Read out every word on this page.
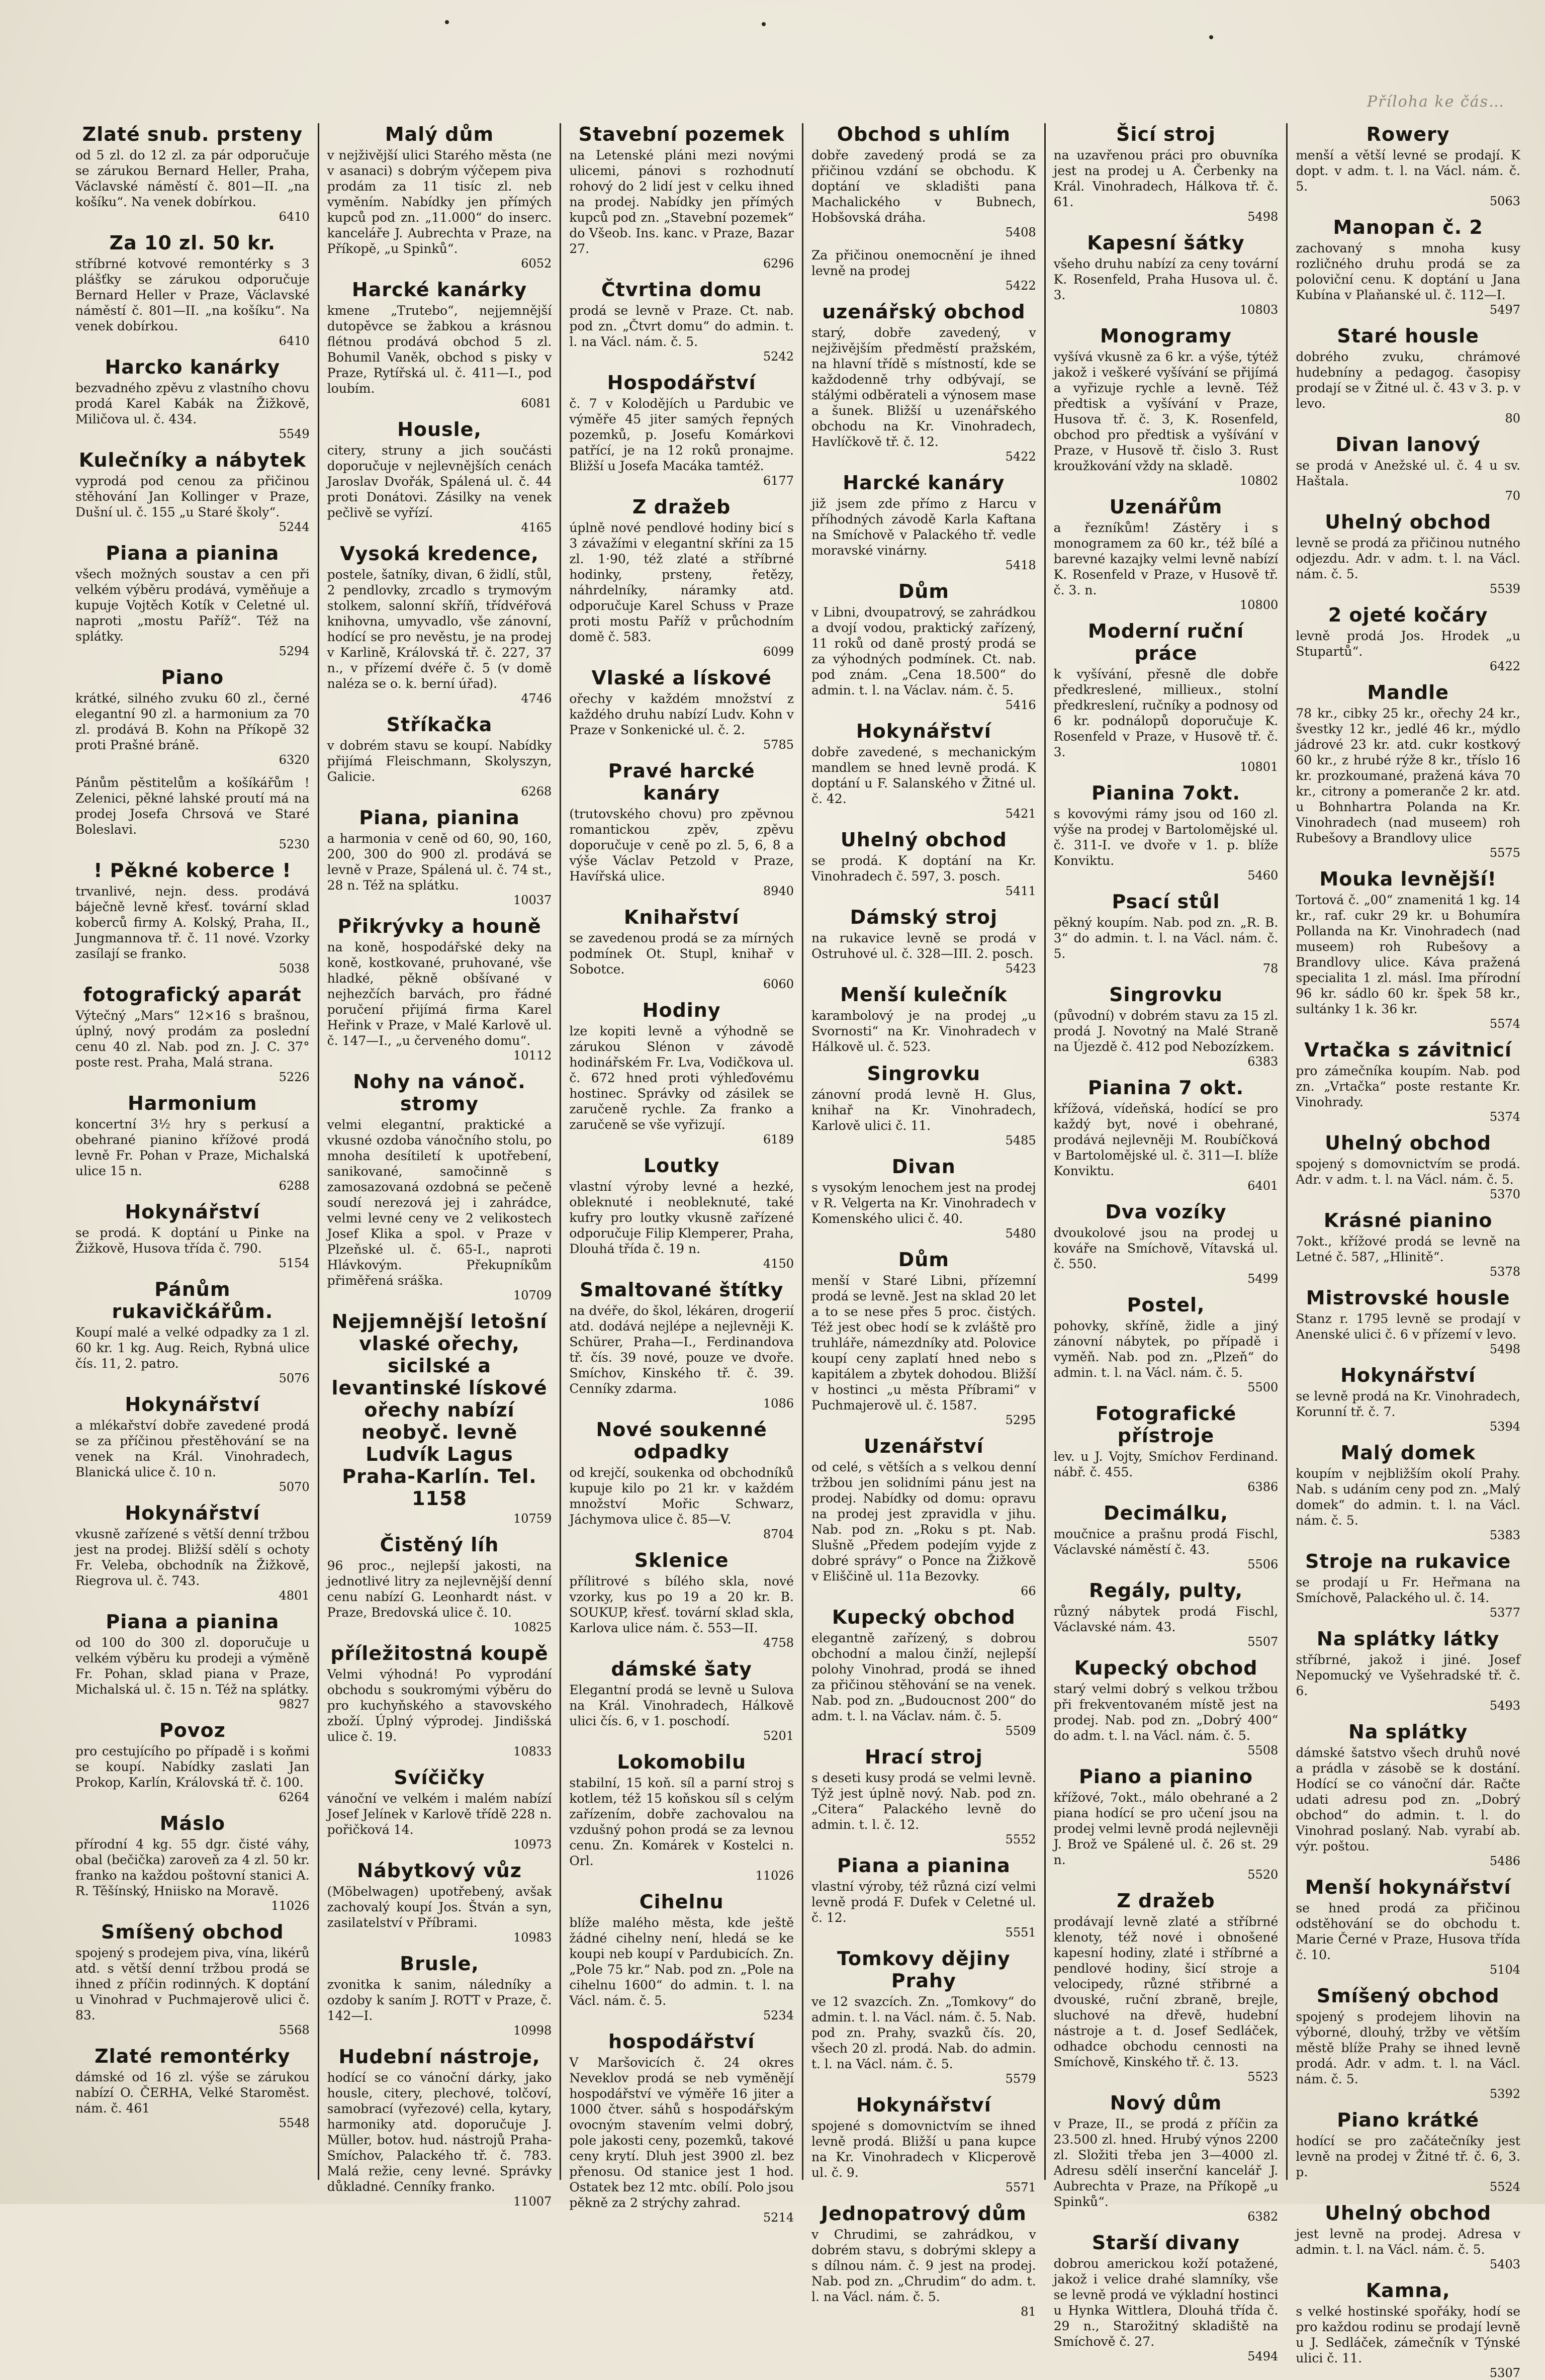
Příloha ke čás…
Zlaté snub. prsteny

od 5 zl. do 12 zl. za pár odporučuje se zárukou Bernard Heller, Praha, Václavské náměstí č. 801—II. „na košíku“. Na venek dobírkou.

6410
Za 10 zl. 50 kr.

stříbrné kotvové remontérky s 3 plášťky se zárukou odporučuje Bernard Heller v Praze, Václavské náměstí č. 801—II. „na košíku“. Na venek dobírkou.

6410
Harcko kanárky

bezvadného zpěvu z vlastního chovu prodá Karel Kabák na Žižkově, Miličova ul. č. 434.

5549
Kulečníky a nábytek

vyprodá pod cenou za přičinou stěhování Jan Kollinger v Praze, Dušní ul. č. 155 „u Staré školy“.

5244
Piana a pianina

všech možných soustav a cen při velkém výběru prodává, vyměňuje a kupuje Vojtěch Kotík v Celetné ul. naproti „mostu Paříž“. Též na splátky.

5294
Piano

krátké, silného zvuku 60 zl., černé elegantní 90 zl. a harmonium za 70 zl. prodává B. Kohn na Příkopě 32 proti Prašné bráně.

6320

Pánům pěstitelům a košíkářům ! Zelenici, pěkné lahské proutí má na prodej Josefa Chrsová ve Staré Boleslavi.

5230
! Pěkné koberce !

trvanlivé, nejn. dess. prodává báječně levně křesť. tovární sklad koberců firmy A. Kolský, Praha, II., Jungmannova tř. č. 11 nové. Vzorky zasílají se franko.

5038
fotografický aparát

Výtečný „Mars“ 12×16 s brašnou, úplný, nový prodám za poslední cenu 40 zl. Nab. pod zn. J. C. 37° poste rest. Praha, Malá strana.

5226
Harmonium

koncertní 3½ hry s perkusí a obehrané pianino křížové prodá levně Fr. Pohan v Praze, Michalská ulice 15 n.

6288
Hokynářství

se prodá. K doptání u Pinke na Žižkově, Husova třída č. 790.

5154
Pánům rukavičkářům.

Koupí malé a velké odpadky za 1 zl. 60 kr. 1 kg. Aug. Reich, Rybná ulice čís. 11, 2. patro.

5076
Hokynářství

a mlékařství dobře zavedené prodá se za příčinou přestěhování se na venek na Král. Vinohradech, Blanická ulice č. 10 n.

5070
Hokynářství

vkusně zařízené s větší denní tržbou jest na prodej. Bližší sdělí s ochoty Fr. Veleba, obchodník na Žižkově, Riegrova ul. č. 743.

4801
Piana a pianina

od 100 do 300 zl. doporučuje u velkém výběru ku prodeji a výměně Fr. Pohan, sklad piana v Praze, Michalská ul. č. 15 n. Též na splátky.

9827
Povoz

pro cestujícího po případě i s koňmi se koupí. Nabídky zaslati Jan Prokop, Karlín, Královská tř. č. 100.

6264
Máslo

přírodní 4 kg. 55 dgr. čisté váhy, obal (bečička) zaroveň za 4 zl. 50 kr. franko na každou poštovní stanici A. R. Těšínský, Hniisko na Moravě.

11026
Smíšený obchod

spojený s prodejem piva, vína, likérů atd. s větší denní tržbou prodá se ihned z příčin rodinných. K doptání u Vinohrad v Puchmajerově ulici č. 83.

5568
Zlaté remontérky

dámské od 16 zl. výše se zárukou nabízí O. ČERHA, Velké Staroměst. nám. č. 461

5548
Malý dům

v nejživější ulici Starého města (ne v asanaci) s dobrým výčepem piva prodám za 11 tisíc zl. neb vyměním. Nabídky jen přímých kupců pod zn. „11.000“ do inserc. kanceláře J. Aubrechta v Praze, na Příkopě, „u Spinků“.

6052
Harcké kanárky

kmene „Trutebo“, nejjemnější dutopěvce se žabkou a krásnou flétnou prodává obchod 5 zl. Bohumil Vaněk, obchod s pisky v Praze, Rytířská ul. č. 411—I., pod loubím.

6081
Housle,

citery, struny a jich součásti doporučuje v nejlevnějších cenách Jaroslav Dvořák, Spálená ul. č. 44 proti Donátovi. Zásilky na venek pečlivě se vyřízí.

4165
Vysoká kredence,

postele, šatníky, divan, 6 židlí, stůl, 2 pendlovky, zrcadlo s trymovým stolkem, salonní skříň, třídvéřová knihovna, umyvadlo, vše zánovní, hodící se pro nevěstu, je na prodej v Karlině, Královská tř. č. 227, 37 n., v přízemí dvéře č. 5 (v domě naléza se o. k. berní úřad).

4746
Stříkačka

v dobrém stavu se koupí. Nabídky přijímá Fleischmann, Skolyszyn, Galicie.

6268
Piana, pianina

a harmonia v ceně od 60, 90, 160, 200, 300 do 900 zl. prodává se levně v Praze, Spálená ul. č. 74 st., 28 n. Též na splátku.

10037
Přikrývky a houně

na koně, hospodářské deky na koně, kostkované, pruhované, vše hladké, pěkně obšívané v nejhezčích barvách, pro řádné poručení přijímá firma Karel Heřink v Praze, v Malé Karlově ul. č. 147—I., „u červeného domu“.

10112
Nohy na vánoč. stromy

velmi elegantní, praktické a vkusné ozdoba vánočního stolu, po mnoha desítiletí k upotřebení, sanikované, samočinně s zamosazovaná ozdobná se pečeně soudí nerezová jej i zahrádce, velmi levné ceny ve 2 velikostech Josef Klika a spol. v Praze v Plzeňské ul. č. 65-I., naproti Hlávkovým. Překupníkům přiměřená sráška.

10709
Nejjemnější letošní vlaské ořechy, sicilské a levantinské lískové ořechy nabízí neobyč. levně Ludvík Lagus Praha-Karlín. Tel. 1158
10759
Čistěný líh

96 proc., nejlepší jakosti, na jednotlivé litry za nejlevnější denní cenu nabízí G. Leonhardt nást. v Praze, Bredovská ulice č. 10.

10825
příležitostná koupě

Velmi výhodná! Po vyprodání obchodu s soukromými výběru do pro kuchyňského a stavovského zboží. Úplný výprodej. Jindišská ulice č. 19.

10833
Svíčičky

vánoční ve velkém i malém nabízí Josef Jelínek v Karlově třídě 228 n. pořičková 14.

10973
Nábytkový vůz

(Möbelwagen) upotřebený, avšak zachovalý koupí Jos. Štván a syn, zasilatelství v Příbrami.

10983
Brusle,

zvonitka k sanim, náledníky a ozdoby k saním J. ROTT v Praze, č. 142—I.

10998
Hudební nástroje,

hodící se co vánoční dárky, jako housle, citery, plechové, tolčoví, samobrací (vyřezové) cella, kytary, harmoniky atd. doporučuje J. Müller, botov. hud. nástrojů Praha-Smíchov, Palackého tř. č. 783. Malá režie, ceny levné. Správky důkladné. Cenníky franko.

11007
Stavební pozemek

na Letenské pláni mezi novými ulicemi, pánovi s rozhodnutí rohový do 2 lidí jest v celku ihned na prodej. Nabídky jen přímých kupců pod zn. „Stavební pozemek“ do Všeob. Ins. kanc. v Praze, Bazar 27.

6296
Čtvrtina domu

prodá se levně v Praze. Ct. nab. pod zn. „Čtvrt domu“ do admin. t. l. na Václ. nám. č. 5.

5242
Hospodářství

č. 7 v Kolodějích u Pardubic ve výměře 45 jiter samých řepných pozemků, p. Josefu Komárkovi patřící, je na 12 roků pronajme. Bližší u Josefa Macáka tamtéž.

6177
Z dražeb

úplně nové pendlové hodiny bicí s 3 závažími v elegantní skříni za 15 zl. 1·90, též zlaté a stříbrné hodinky, prsteny, řetězy, náhrdelníky, náramky atd. odporučuje Karel Schuss v Praze proti mostu Paříž v průchodním domě č. 583.

6099
Vlaské a lískové

ořechy v každém množství z každého druhu nabízí Ludv. Kohn v Praze v Sonkenické ul. č. 2.

5785
Pravé harcké kanáry

(trutovského chovu) pro zpěvnou romantickou zpěv, zpěvu doporučuje v ceně po zl. 5, 6, 8 a výše Václav Petzold v Praze, Havířská ulice.

8940
Knihařství

se zavedenou prodá se za mírných podmínek Ot. Stupl, knihař v Sobotce.

6060
Hodiny

lze kopiti levně a výhodně se zárukou Slénon v závodě hodinářském Fr. Lva, Vodičkova ul. č. 672 hned proti výhleďovému hostinec. Správky od zásilek se zaručeně rychle. Za franko a zaručeně se vše vyřizují.

6189
Loutky

vlastní výroby levné a hezké, obleknuté i neobleknuté, také kufry pro loutky vkusně zařízené odporučuje Filip Klemperer, Praha, Dlouhá třída č. 19 n.

4150
Smaltované štítky

na dvéře, do škol, lékáren, drogerií atd. dodává nejlépe a nejlevněji K. Schürer, Praha—I., Ferdinandova tř. čís. 39 nové, pouze ve dvoře. Smíchov, Kinského tř. č. 39. Cenníky zdarma.

1086
Nové soukenné odpadky

od krejčí, soukenka od obchodníků kupuje kilo po 21 kr. v každém množství Mořic Schwarz, Jáchymova ulice č. 85—V.

8704
Sklenice

přílitrové s bílého skla, nové vzorky, kus po 19 a 20 kr. B. SOUKUP, křesť. tovární sklad skla, Karlova ulice nám. č. 553—II.

4758
dámské šaty

Elegantní prodá se levně u Sulova na Král. Vinohradech, Hálkově ulici čís. 6, v 1. poschodí.

5201
Lokomobilu

stabilní, 15 koň. síl a parní stroj s kotlem, též 15 koňskou síl s celým zařízením, dobře zachovalou na vzdušný pohon prodá se za levnou cenu. Zn. Komárek v Kostelci n. Orl.

11026
Cihelnu

blíže malého města, kde ještě žádné cihelny není, hledá se ke koupi neb koupí v Pardubicích. Zn. „Pole 75 kr.“ Nab. pod zn. „Pole na cihelnu 1600“ do admin. t. l. na Václ. nám. č. 5.

5234
hospodářství

V Maršovicích č. 24 okres Neveklov prodá se neb vyměnějí hospodářství ve výměře 16 jiter a 1000 čtver. sáhů s hospodářským ovocným stavením velmi dobrý, pole jakosti ceny, pozemků, takové ceny krytí. Dluh jest 3900 zl. bez přenosu. Od stanice jest 1 hod. Ostatek bez 12 mtc. obílí. Polo jsou pěkně za 2 strýchy zahrad.

5214
Obchod s uhlím

dobře zavedený prodá se za přičinou vzdání se obchodu. K doptání ve skladišti pana Machalického v Bubnech, Hobšovská dráha.

5408

Za přičinou onemocnění je ihned levně na prodej

5422
uzenářský obchod

starý, dobře zavedený, v nejživějším předměstí pražském, na hlavní třídě s místností, kde se každodenně trhy odbývají, se stálými odběrateli a výnosem mase a šunek. Bližší u uzenářského obchodu na Kr. Vinohradech, Havlíčkově tř. č. 12.

5422
Harcké kanáry

již jsem zde přímo z Harcu v příhodných závodě Karla Kaftana na Smíchově v Palackého tř. vedle moravské vinárny.

5418
Dům

v Libni, dvoupatrový, se zahrádkou a dvojí vodou, praktický zařízený, 11 roků od daně prostý prodá se za výhodných podmínek. Ct. nab. pod znám. „Cena 18.500“ do admin. t. l. na Václav. nám. č. 5.

5416
Hokynářství

dobře zavedené, s mechanickým mandlem se hned levně prodá. K doptání u F. Salanského v Žitné ul. č. 42.

5421
Uhelný obchod

se prodá. K doptání na Kr. Vinohradech č. 597, 3. posch.

5411
Dámský stroj

na rukavice levně se prodá v Ostruhové ul. č. 328—III. 2. posch.

5423
Menší kulečník

karambolový je na prodej „u Svornosti“ na Kr. Vinohradech v Hálkově ul. č. 523.

Singrovku

zánovní prodá levně H. Glus, knihař na Kr. Vinohradech, Karlově ulici č. 11.

5485
Divan

s vysokým lenochem jest na prodej v R. Velgerta na Kr. Vinohradech v Komenského ulici č. 40.

5480
Dům

menší v Staré Libni, přízemní prodá se levně. Jest na sklad 20 let a to se nese přes 5 proc. čistých. Též jest obec hodí se k zvláště pro truhláře, námezdníky atd. Polovice koupí ceny zaplatí hned nebo s kapitálem a zbytek dohodou. Bližší v hostinci „u města Příbrami“ v Puchmajerově ul. č. 1587.

5295
Uzenářství

od celé, s větších a s velkou denní tržbou jen solidními pánu jest na prodej. Nabídky od domu: opravu na prodej jest zpravidla v jihu. Nab. pod zn. „Roku s pt. Nab. Slušně „Předem podejím vyjde z dobré správy“ o Ponce na Žižkově v Eliščině ul. 11a Bezovky.

66
Kupecký obchod

elegantně zařízený, s dobrou obchodní a malou činží, nejlepší polohy Vinohrad, prodá se ihned za přičinou stěhování se na venek. Nab. pod zn. „Budoucnost 200“ do adm. t. l. na Václav. nám. č. 5.

5509
Hrací stroj

s deseti kusy prodá se velmi levně. Týž jest úplně nový. Nab. pod zn. „Citera“ Palackého levně do admin. t. l. č. 12.

5552
Piana a pianina

vlastní výroby, též různá cizí velmi levně prodá F. Dufek v Celetné ul. č. 12.

5551
Tomkovy dějiny Prahy

ve 12 svazcích. Zn. „Tomkovy“ do admin. t. l. na Václ. nám. č. 5. Nab. pod zn. Prahy, svazků čís. 20, všech 20 zl. prodá. Nab. do admin. t. l. na Václ. nám. č. 5.

5579
Hokynářství

spojené s domovnictvím se ihned levně prodá. Bližší u pana kupce na Kr. Vinohradech v Klicperově ul. č. 9.

5571
Jednopatrový dům

v Chrudimi, se zahrádkou, v dobrém stavu, s dobrými sklepy a s dílnou nám. č. 9 jest na prodej. Nab. pod zn. „Chrudim“ do adm. t. l. na Václ. nám. č. 5.

81
Šicí stroj

na uzavřenou práci pro obuvníka jest na prodej u A. Čerbenky na Král. Vinohradech, Hálkova tř. č. 61.

5498
Kapesní šátky

všeho druhu nabízí za ceny tovární K. Rosenfeld, Praha Husova ul. č. 3.

10803
Monogramy

vyšívá vkusně za 6 kr. a výše, týtéž jakož i veškeré vyšívání se přijímá a vyřizuje rychle a levně. Též předtisk a vyšívání v Praze, Husova tř. č. 3, K. Rosenfeld, obchod pro předtisk a vyšívání v Praze, v Husově tř. čislo 3. Rust kroužkování vždy na skladě.

10802
Uzenářům

a řezníkům! Zástěry i s monogramem za 60 kr., též bílé a barevné kazajky velmi levně nabízí K. Rosenfeld v Praze, v Husově tř. č. 3. n.

10800
Moderní ruční práce

k vyšívání, přesně dle dobře předkreslené, millieux., stolní předkreslení, ručníky a podnosy od 6 kr. podnálopů doporučuje K. Rosenfeld v Praze, v Husově tř. č. 3.

10801
Pianina 7okt.

s kovovými rámy jsou od 160 zl. výše na prodej v Bartolomějské ul. č. 311-I. ve dvoře v 1. p. blíže Konviktu.

5460
Psací stůl

pěkný koupím. Nab. pod zn. „R. B. 3“ do admin. t. l. na Václ. nám. č. 5.

78
Singrovku

(původní) v dobrém stavu za 15 zl. prodá J. Novotný na Malé Straně na Újezdě č. 412 pod Nebozízkem.

6383
Pianina 7 okt.

křížová, vídeňská, hodící se pro každý byt, nové i obehrané, prodává nejlevněji M. Roubíčková v Bartolomějské ul. č. 311—I. blíže Konviktu.

6401
Dva vozíky

dvoukolové jsou na prodej u kováře na Smíchově, Vítavská ul. č. 550.

5499
Postel,

pohovky, skříně, židle a jiný zánovní nábytek, po případě i vyměň. Nab. pod zn. „Plzeň“ do admin. t. l. na Václ. nám. č. 5.

5500
Fotografické přístroje

lev. u J. Vojty, Smíchov Ferdinand. nábř. č. 455.

6386
Decimálku,

moučnice a prašnu prodá Fischl, Václavské náměstí č. 43.

5506
Regály, pulty,

různý nábytek prodá Fischl, Václavské nám. 43.

5507
Kupecký obchod

starý velmi dobrý s velkou tržbou při frekventovaném místě jest na prodej. Nab. pod zn. „Dobrý 400“ do adm. t. l. na Václ. nám. č. 5.

5508
Piano a pianino

křížové, 7okt., málo obehrané a 2 piana hodící se pro učení jsou na prodej velmi levně prodá nejlevněji J. Brož ve Spálené ul. č. 26 st. 29 n.

5520
Z dražeb

prodávají levně zlaté a stříbrné klenoty, též nové i obnošené kapesní hodiny, zlaté i stříbrné a pendlové hodiny, šicí stroje a velocipedy, různé střibrné a dvouské, ruční zbraně, brejle, sluchové na dřevě, hudební nástroje a t. d. Josef Sedláček, odhadce obchodu cennosti na Smíchově, Kinského tř. č. 13.

5523
Nový dům

v Praze, II., se prodá z příčin za 23.500 zl. hned. Hrubý výnos 2200 zl. Složiti třeba jen 3—4000 zl. Adresu sdělí inserční kancelář J. Aubrechta v Praze, na Příkopě „u Spinků“.

6382
Starší divany

dobrou americkou koží potažené, jakož i velice drahé slamníky, vše se levně prodá ve výkladní hostinci u Hynka Wittlera, Dlouhá třída č. 29 n., Starožitný skladiště na Smíchově č. 27.

5494
Rowery

menší a větší levné se prodají. K dopt. v adm. t. l. na Václ. nám. č. 5.

5063
Manopan č. 2

zachovaný s mnoha kusy rozličného druhu prodá se za poloviční cenu. K doptání u Jana Kubína v Plaňanské ul. č. 112—I.

5497
Staré housle

dobrého zvuku, chrámové hudebníny a pedagog. časopisy prodají se v Žitné ul. č. 43 v 3. p. v levo.

80
Divan lanový

se prodá v Anežské ul. č. 4 u sv. Haštala.

70
Uhelný obchod

levně se prodá za přičinou nutného odjezdu. Adr. v adm. t. l. na Václ. nám. č. 5.

5539
2 ojeté kočáry

levně prodá Jos. Hrodek „u Stupartů“.

6422
Mandle

78 kr., cibky 25 kr., ořechy 24 kr., švestky 12 kr., jedlé 46 kr., mýdlo jádrové 23 kr. atd. cukr kostkový 60 kr., z hrubé rýže 8 kr., tříslo 16 kr. prozkoumané, pražená káva 70 kr., citrony a pomeranče 2 kr. atd. u Bohnhartra Polanda na Kr. Vinohradech (nad museem) roh Rubešovy a Brandlovy ulice

5575
Mouka levnější!

Tortová č. „00“ znamenitá 1 kg. 14 kr., raf. cukr 29 kr. u Bohumíra Pollanda na Kr. Vinohradech (nad museem) roh Rubešovy a Brandlovy ulice. Káva pražená specialita 1 zl. másl. Ima přírodní 96 kr. sádlo 60 kr. špek 58 kr., sultánky 1 k. 36 kr.

5574
Vrtačka s závitnicí

pro zámečníka koupím. Nab. pod zn. „Vrtačka“ poste restante Kr. Vinohrady.

5374
Uhelný obchod

spojený s domovnictvím se prodá. Adr. v adm. t. l. na Václ. nám. č. 5.

5370
Krásné pianino

7okt., křížové prodá se levně na Letné č. 587, „Hlinitě“.

5378
Mistrovské housle

Stanz r. 1795 levně se prodají v Anenské ulici č. 6 v přízemí v levo.

5498
Hokynářství

se levně prodá na Kr. Vinohradech, Korunní tř. č. 7.

5394
Malý domek

koupím v nejbližším okolí Prahy. Nab. s udáním ceny pod zn. „Malý domek“ do admin. t. l. na Václ. nám. č. 5.

5383
Stroje na rukavice

se prodají u Fr. Heřmana na Smíchově, Palackého ul. č. 14.

5377
Na splátky látky

stříbrné, jakož i jiné. Josef Nepomucký ve Vyšehradské tř. č. 6.

5493
Na splátky

dámské šatstvo všech druhů nové a prádla v zásobě se k dostání. Hodící se co vánoční dár. Račte udati adresu pod zn. „Dobrý obchod“ do admin. t. l. do Vinohrad poslaný. Nab. vyrabí ab. výr. poštou.

5486
Menší hokynářství

se hned prodá za přičinou odstěhování se do obchodu t. Marie Černé v Praze, Husova třída č. 10.

5104
Smíšený obchod

spojený s prodejem lihovin na výborné, dlouhý, tržby ve větším městě blíže Prahy se ihned levně prodá. Adr. v adm. t. l. na Václ. nám. č. 5.

5392
Piano krátké

hodící se pro začátečníky jest levně na prodej v Žitné tř. č. 6, 3. p.

5524
Uhelný obchod

jest levně na prodej. Adresa v admin. t. l. na Václ. nám. č. 5.

5403
Kamna,

s velké hostinské spořáky, hodí se pro každou rodinu se prodají levně u J. Sedláček, zámečník v Týnské ulici č. 11.

5307
